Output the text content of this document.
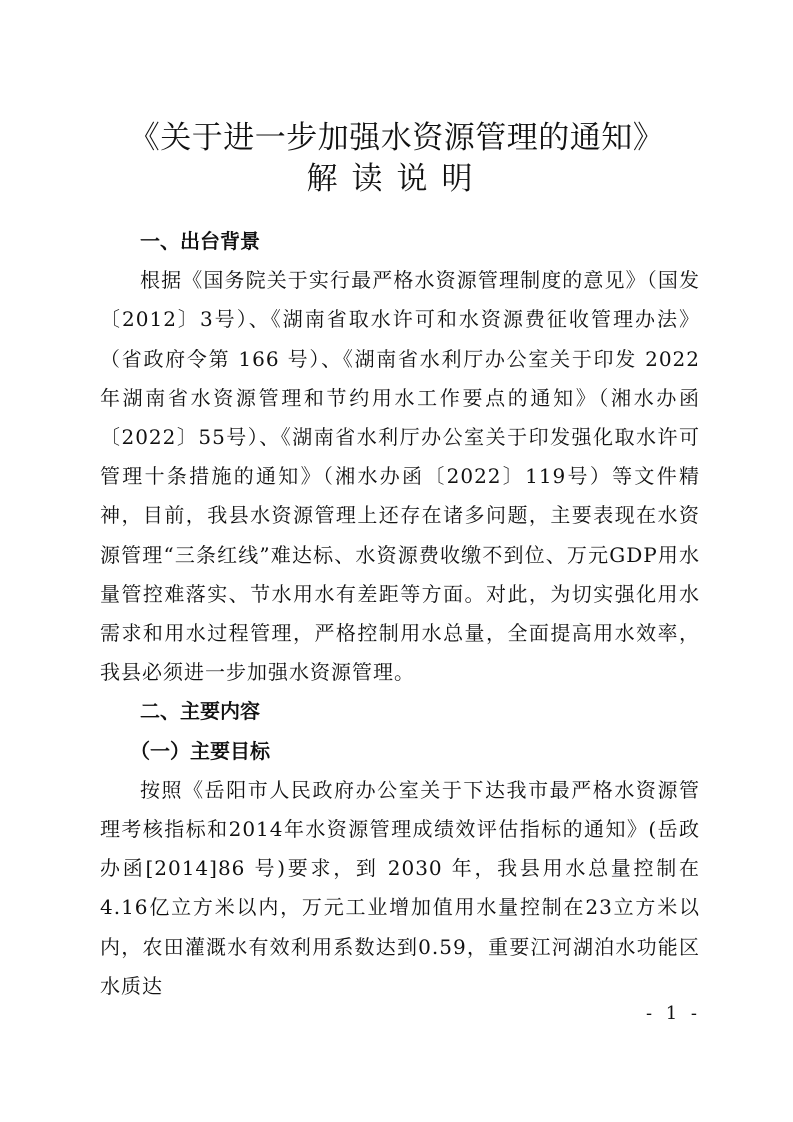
《关于进一步加强水资源管理的通知》
解读说明
一、出台背景

根据《国务院关于实行最严格水资源管理制度的意见》（国发〔2012〕3号）、《湖南省取水许可和水资源费征收管理办法》（省政府令第 166 号）、《湖南省水利厅办公室关于印发 2022年湖南省水资源管理和节约用水工作要点的通知》（湘水办函〔2022〕55号）、《湖南省水利厅办公室关于印发强化取水许可管理十条措施的通知》（湘水办函〔2022〕119号）等文件精神，目前，我县水资源管理上还存在诸多问题，主要表现在水资源管理“三条红线”难达标、水资源费收缴不到位、万元GDP用水量管控难落实、节水用水有差距等方面。对此，为切实强化用水需求和用水过程管理，严格控制用水总量，全面提高用水效率，我县必须进一步加强水资源管理。

二、主要内容
（一）主要目标

按照《岳阳市人民政府办公室关于下达我市最严格水资源管理考核指标和2014年水资源管理成绩效评估指标的通知》(岳政办函[2014]86 号)要求，到 2030 年，我县用水总量控制在 4.16亿立方米以内，万元工业增加值用水量控制在23立方米以内，农田灌溉水有效利用系数达到0.59，重要江河湖泊水功能区水质达

- 1 -
